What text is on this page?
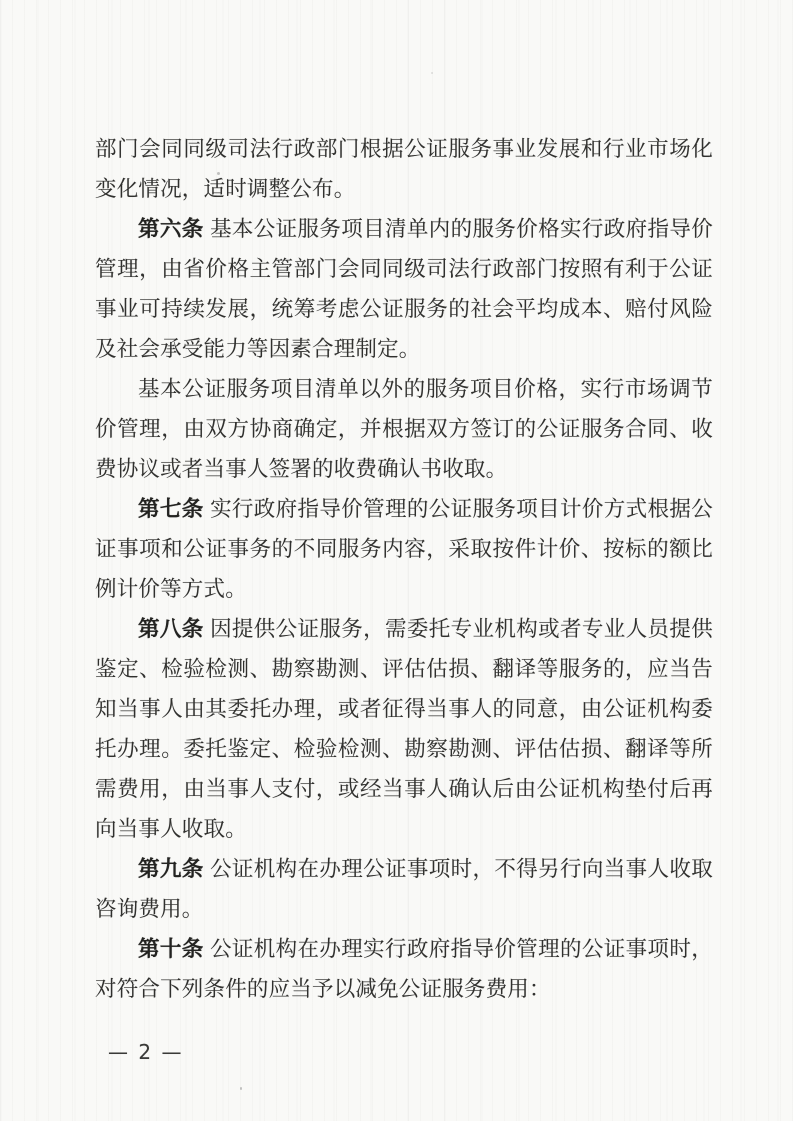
部门会同同级司法行政部门根据公证服务事业发展和行业市场化变化情况，适时调整公布。

第六条 基本公证服务项目清单内的服务价格实行政府指导价管理，由省价格主管部门会同同级司法行政部门按照有利于公证事业可持续发展，统筹考虑公证服务的社会平均成本、赔付风险及社会承受能力等因素合理制定。

基本公证服务项目清单以外的服务项目价格，实行市场调节价管理，由双方协商确定，并根据双方签订的公证服务合同、收费协议或者当事人签署的收费确认书收取。

第七条 实行政府指导价管理的公证服务项目计价方式根据公证事项和公证事务的不同服务内容，采取按件计价、按标的额比例计价等方式。

第八条 因提供公证服务，需委托专业机构或者专业人员提供鉴定、检验检测、勘察勘测、评估估损、翻译等服务的，应当告知当事人由其委托办理，或者征得当事人的同意，由公证机构委托办理。委托鉴定、检验检测、勘察勘测、评估估损、翻译等所需费用，由当事人支付，或经当事人确认后由公证机构垫付后再向当事人收取。

第九条 公证机构在办理公证事项时，不得另行向当事人收取咨询费用。

第十条 公证机构在办理实行政府指导价管理的公证事项时，对符合下列条件的应当予以减免公证服务费用：

— 2 —
